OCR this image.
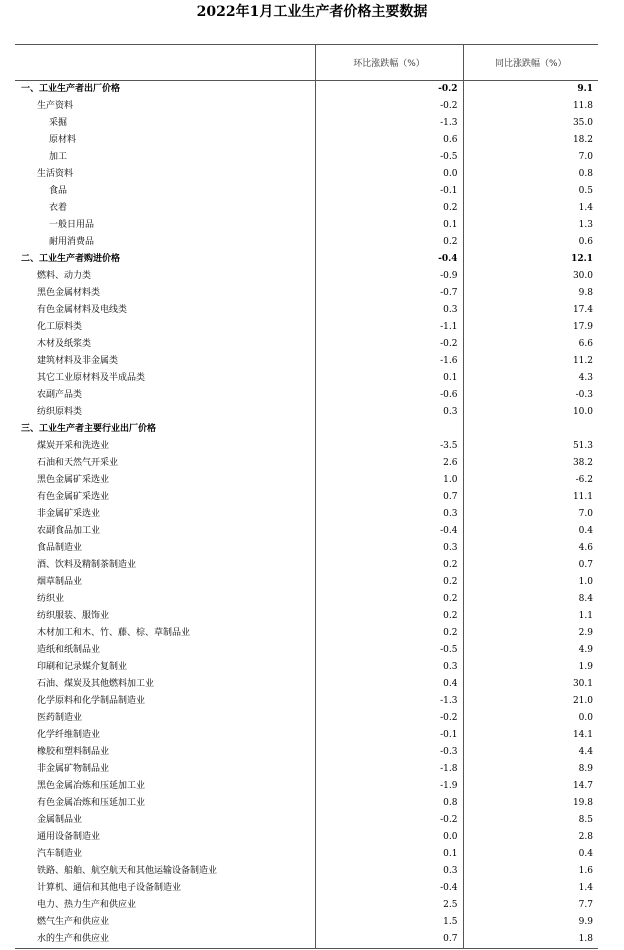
2022年1月工业生产者价格主要数据
	环比涨跌幅（%）	同比涨跌幅（%）
一、工业生产者出厂价格	-0.2	9.1
生产资料	-0.2	11.8
采掘	-1.3	35.0
原材料	0.6	18.2
加工	-0.5	7.0
生活资料	0.0	0.8
食品	-0.1	0.5
衣着	0.2	1.4
一般日用品	0.1	1.3
耐用消费品	0.2	0.6
二、工业生产者购进价格	-0.4	12.1
燃料、动力类	-0.9	30.0
黑色金属材料类	-0.7	9.8
有色金属材料及电线类	0.3	17.4
化工原料类	-1.1	17.9
木材及纸浆类	-0.2	6.6
建筑材料及非金属类	-1.6	11.2
其它工业原材料及半成品类	0.1	4.3
农副产品类	-0.6	-0.3
纺织原料类	0.3	10.0
三、工业生产者主要行业出厂价格		
煤炭开采和洗选业	-3.5	51.3
石油和天然气开采业	2.6	38.2
黑色金属矿采选业	1.0	-6.2
有色金属矿采选业	0.7	11.1
非金属矿采选业	0.3	7.0
农副食品加工业	-0.4	0.4
食品制造业	0.3	4.6
酒、饮料及精制茶制造业	0.2	0.7
烟草制品业	0.2	1.0
纺织业	0.2	8.4
纺织服装、服饰业	0.2	1.1
木材加工和木、竹、藤、棕、草制品业	0.2	2.9
造纸和纸制品业	-0.5	4.9
印刷和记录媒介复制业	0.3	1.9
石油、煤炭及其他燃料加工业	0.4	30.1
化学原料和化学制品制造业	-1.3	21.0
医药制造业	-0.2	0.0
化学纤维制造业	-0.1	14.1
橡胶和塑料制品业	-0.3	4.4
非金属矿物制品业	-1.8	8.9
黑色金属冶炼和压延加工业	-1.9	14.7
有色金属冶炼和压延加工业	0.8	19.8
金属制品业	-0.2	8.5
通用设备制造业	0.0	2.8
汽车制造业	0.1	0.4
铁路、船舶、航空航天和其他运输设备制造业	0.3	1.6
计算机、通信和其他电子设备制造业	-0.4	1.4
电力、热力生产和供应业	2.5	7.7
燃气生产和供应业	1.5	9.9
水的生产和供应业	0.7	1.8
